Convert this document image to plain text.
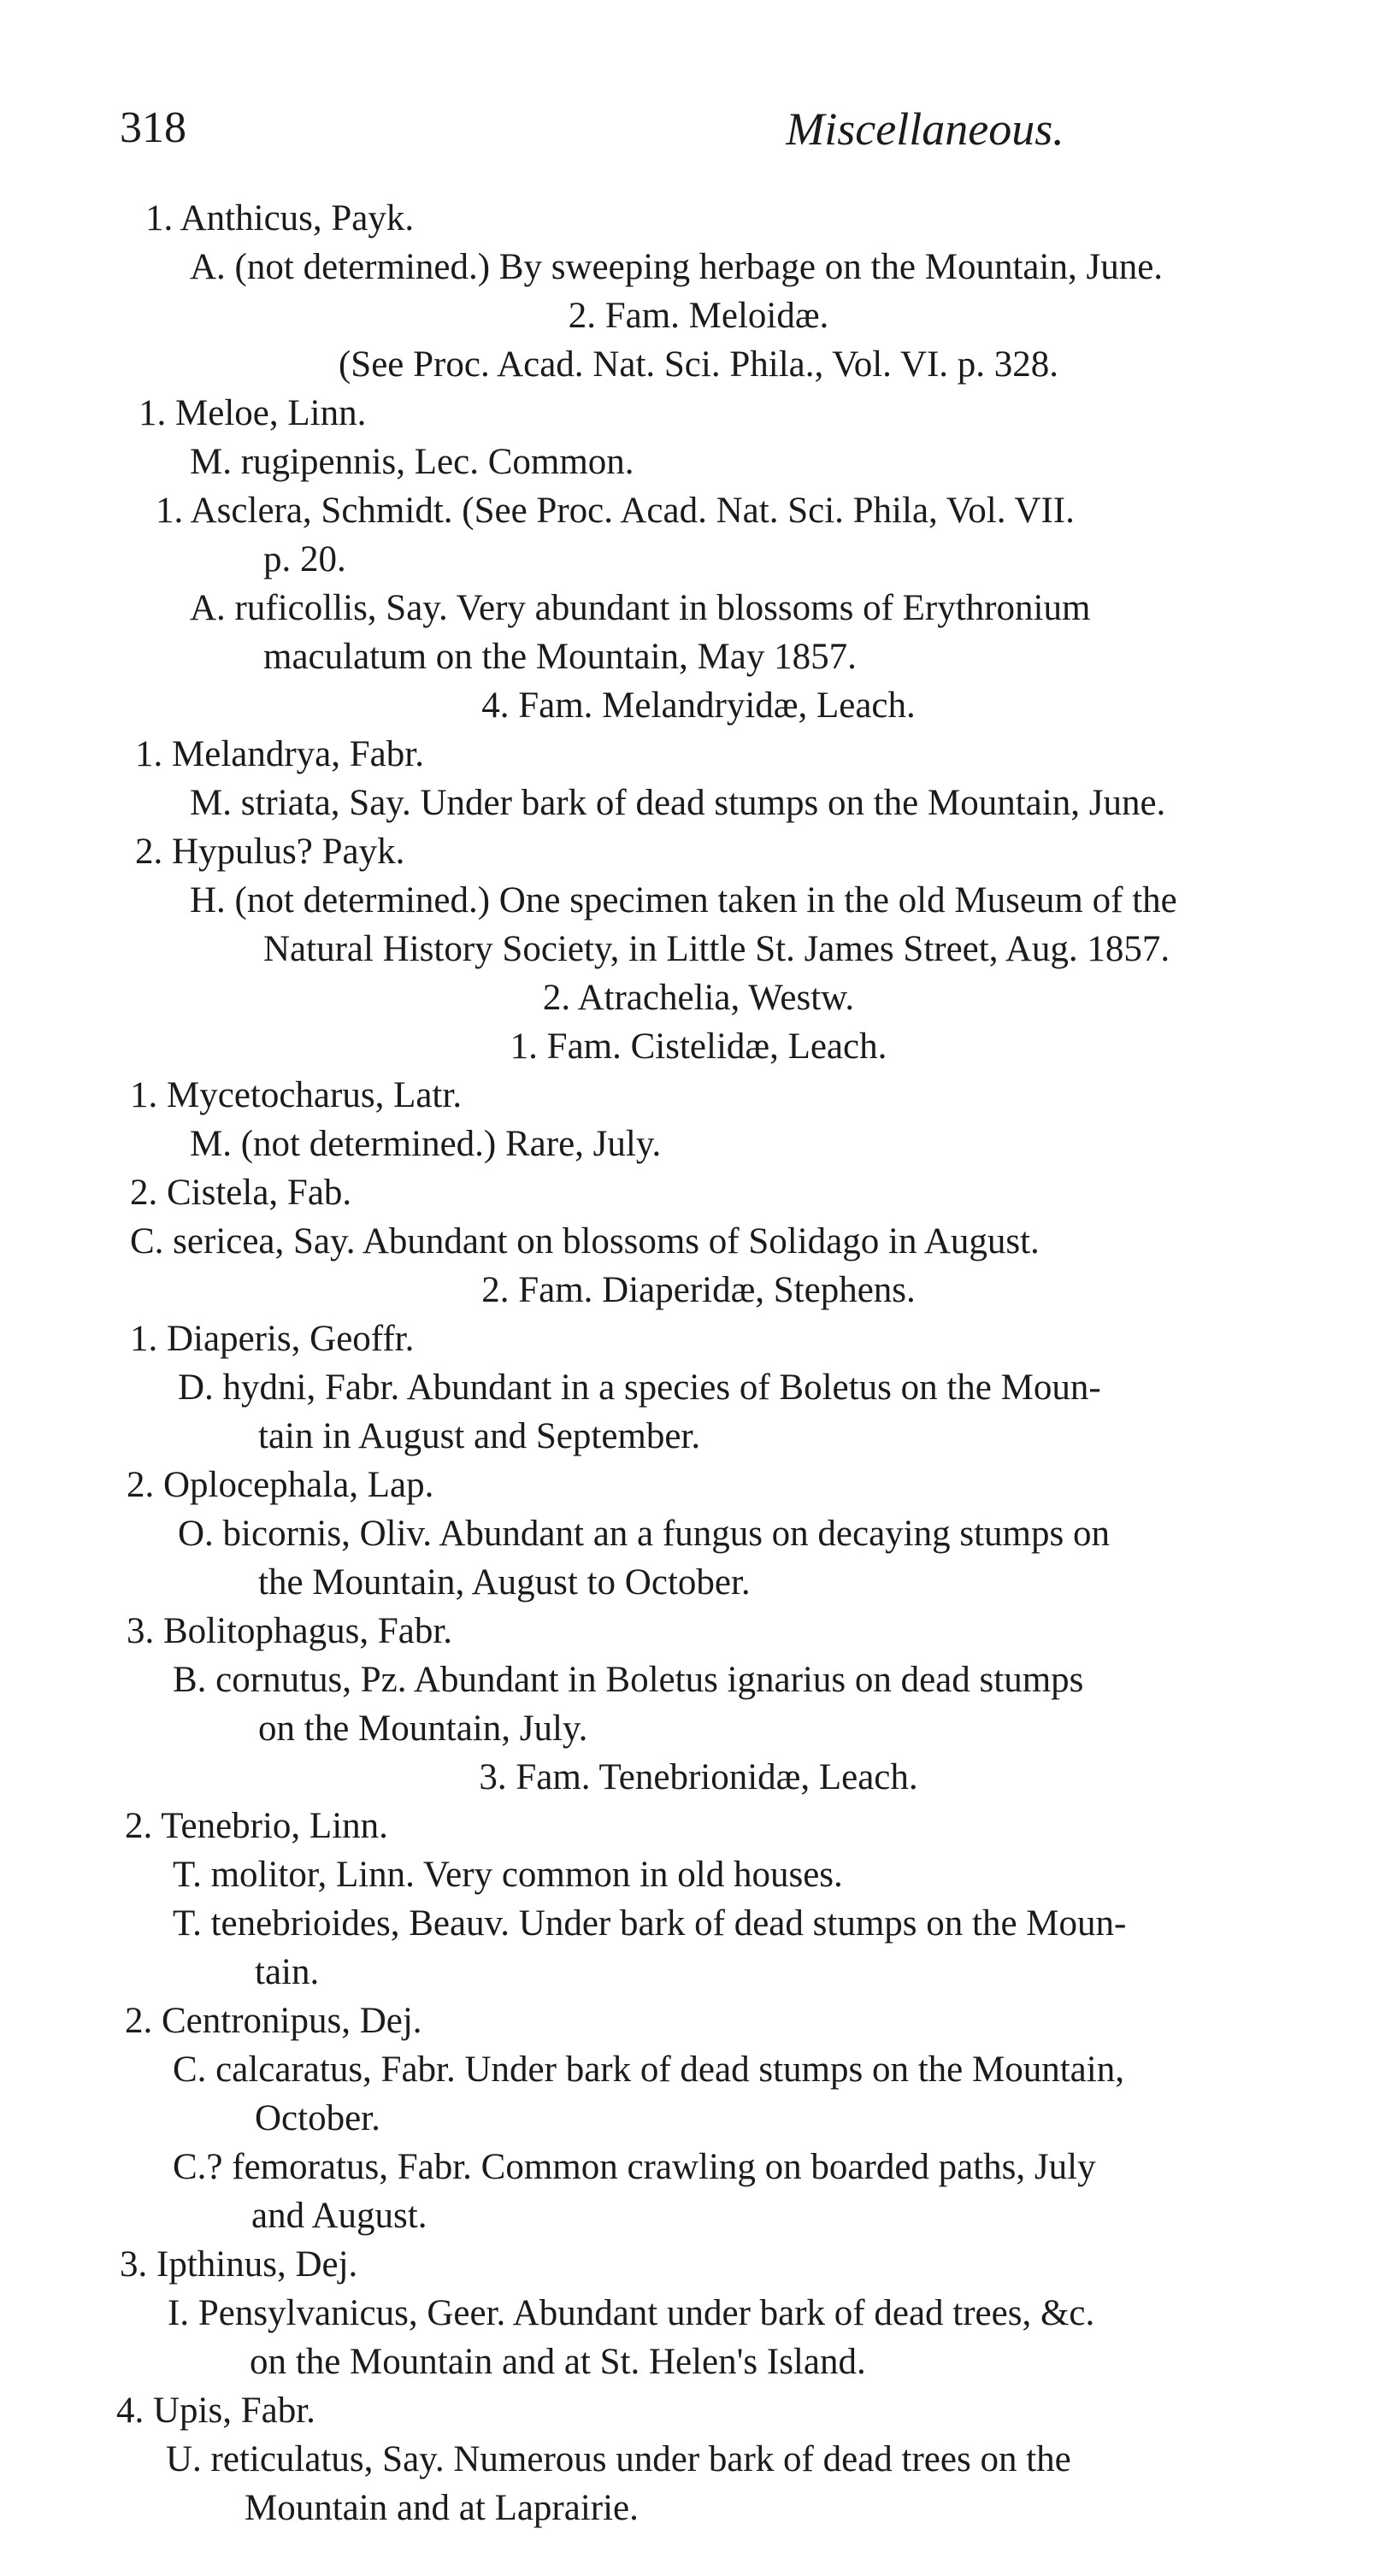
318	Miscellaneous.
1. Anthicus, Payk.
A. (not determined.) By sweeping herbage on the Mountain, June.
2. Fam. Meloidæ.
(See Proc. Acad. Nat. Sci. Phila., Vol. VI. p. 328.
1. Meloe, Linn.
M. rugipennis, Lec. Common.
1. Asclera, Schmidt. (See Proc. Acad. Nat. Sci. Phila, Vol. VII.
p. 20.
A. ruficollis, Say. Very abundant in blossoms of Erythronium
maculatum on the Mountain, May 1857.
4. Fam. Melandryidæ, Leach.
1. Melandrya, Fabr.
M. striata, Say. Under bark of dead stumps on the Mountain, June.
2. Hypulus? Payk.
H. (not determined.) One specimen taken in the old Museum of the
Natural History Society, in Little St. James Street, Aug. 1857.
2. Atrachelia, Westw.
1. Fam. Cistelidæ, Leach.
1. Mycetocharus, Latr.
M. (not determined.) Rare, July.
2. Cistela, Fab.
C. sericea, Say. Abundant on blossoms of Solidago in August.
2. Fam. Diaperidæ, Stephens.
1. Diaperis, Geoffr.
D. hydni, Fabr. Abundant in a species of Boletus on the Moun-
tain in August and September.
2. Oplocephala, Lap.
O. bicornis, Oliv. Abundant an a fungus on decaying stumps on
the Mountain, August to October.
3. Bolitophagus, Fabr.
B. cornutus, Pz. Abundant in Boletus ignarius on dead stumps
on the Mountain, July.
3. Fam. Tenebrionidæ, Leach.
2. Tenebrio, Linn.
T. molitor, Linn. Very common in old houses.
T. tenebrioides, Beauv. Under bark of dead stumps on the Moun-
tain.
2. Centronipus, Dej.
C. calcaratus, Fabr. Under bark of dead stumps on the Mountain,
October.
C.? femoratus, Fabr. Common crawling on boarded paths, July
and August.
3. Ipthinus, Dej.
I. Pensylvanicus, Geer. Abundant under bark of dead trees, &c.
on the Mountain and at St. Helen's Island.
4. Upis, Fabr.
U. reticulatus, Say. Numerous under bark of dead trees on the
Mountain and at Laprairie.
